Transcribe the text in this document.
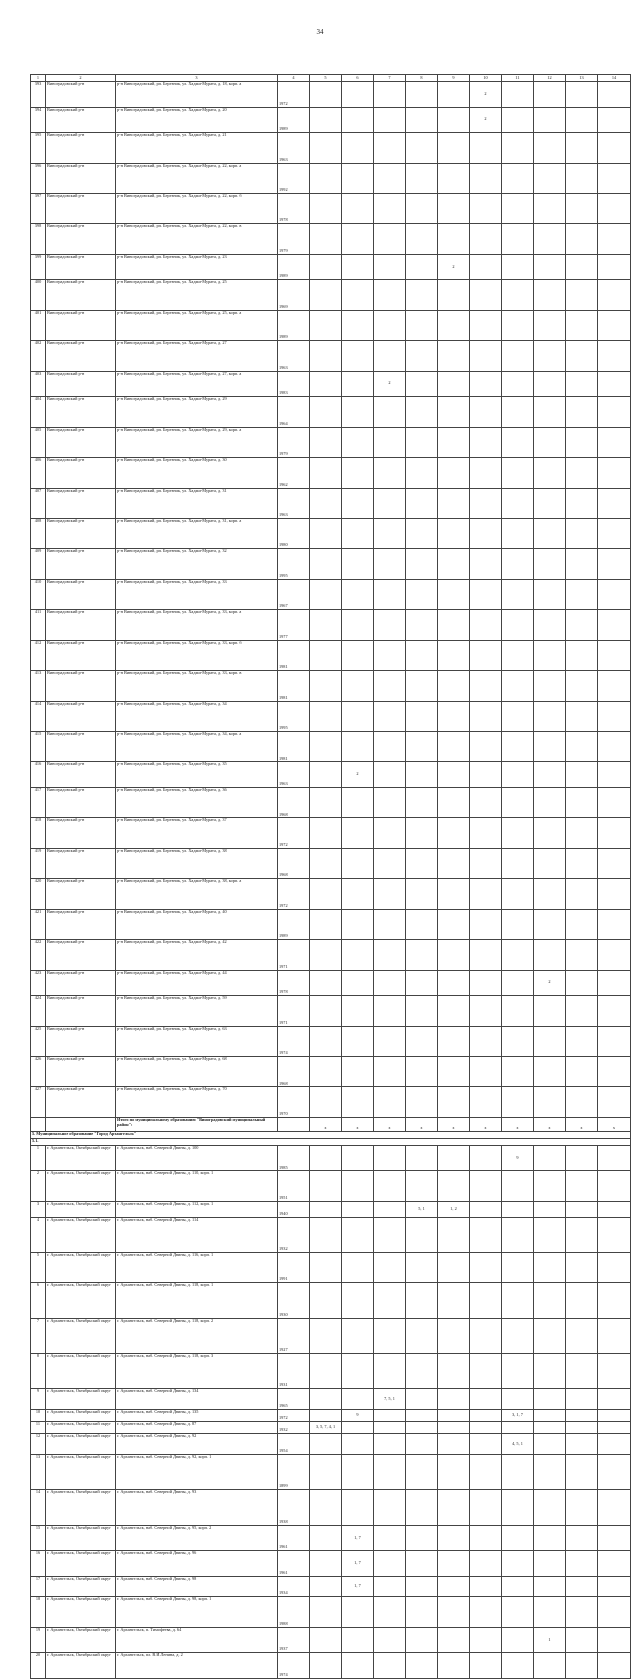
34
1	2	3	4	5	6	7	8	9	10	11	12	13	14	
393	Виноградовский р-н	р-н Виноградовский, рп. Березник, ул. Хаджи-Мурата, д. 18, корп. а	1972						2					
394	Виноградовский р-н	р-н Виноградовский, рп. Березник, ул. Хаджи-Мурата, д. 20	1989						2					
395	Виноградовский р-н	р-н Виноградовский, рп. Березник, ул. Хаджи-Мурата, д. 21	1963											
396	Виноградовский р-н	р-н Виноградовский, рп. Березник, ул. Хаджи-Мурата, д. 22, корп. а	1992											
397	Виноградовский р-н	р-н Виноградовский, рп. Березник, ул. Хаджи-Мурата, д. 22, корп. б	1978											
398	Виноградовский р-н	р-н Виноградовский, рп. Березник, ул. Хаджи-Мурата, д. 22, корп. в	1979											
399	Виноградовский р-н	р-н Виноградовский, рп. Березник, ул. Хаджи-Мурата, д. 23	1989					2						
400	Виноградовский р-н	р-н Виноградовский, рп. Березник, ул. Хаджи-Мурата, д. 25	1969											
401	Виноградовский р-н	р-н Виноградовский, рп. Березник, ул. Хаджи-Мурата, д. 25, корп. а	1989											
402	Виноградовский р-н	р-н Виноградовский, рп. Березник, ул. Хаджи-Мурата, д. 27	1963											
403	Виноградовский р-н	р-н Виноградовский, рп. Березник, ул. Хаджи-Мурата, д. 27, корп. а	1983			2								
404	Виноградовский р-н	р-н Виноградовский, рп. Березник, ул. Хаджи-Мурата, д. 29	1964											
405	Виноградовский р-н	р-н Виноградовский, рп. Березник, ул. Хаджи-Мурата, д. 29, корп. а	1979											
406	Виноградовский р-н	р-н Виноградовский, рп. Березник, ул. Хаджи-Мурата, д. 30	1962											
407	Виноградовский р-н	р-н Виноградовский, рп. Березник, ул. Хаджи-Мурата, д. 31	1963											
408	Виноградовский р-н	р-н Виноградовский, рп. Березник, ул. Хаджи-Мурата, д. 31, корп. а	1980											
409	Виноградовский р-н	р-н Виноградовский, рп. Березник, ул. Хаджи-Мурата, д. 32	1995											
410	Виноградовский р-н	р-н Виноградовский, рп. Березник, ул. Хаджи-Мурата, д. 33	1967											
411	Виноградовский р-н	р-н Виноградовский, рп. Березник, ул. Хаджи-Мурата, д. 33, корп. а	1977											
412	Виноградовский р-н	р-н Виноградовский, рп. Березник, ул. Хаджи-Мурата, д. 33, корп. б	1981											
413	Виноградовский р-н	р-н Виноградовский, рп. Березник, ул. Хаджи-Мурата, д. 33, корп. в	1981											
414	Виноградовский р-н	р-н Виноградовский, рп. Березник, ул. Хаджи-Мурата, д. 34	1995											
415	Виноградовский р-н	р-н Виноградовский, рп. Березник, ул. Хаджи-Мурата, д. 34, корп. а	1981											
416	Виноградовский р-н	р-н Виноградовский, рп. Березник, ул. Хаджи-Мурата, д. 35	1963		2									
417	Виноградовский р-н	р-н Виноградовский, рп. Березник, ул. Хаджи-Мурата, д. 36	1968											
418	Виноградовский р-н	р-н Виноградовский, рп. Березник, ул. Хаджи-Мурата, д. 37	1972											
419	Виноградовский р-н	р-н Виноградовский, рп. Березник, ул. Хаджи-Мурата, д. 38	1968											
420	Виноградовский р-н	р-н Виноградовский, рп. Березник, ул. Хаджи-Мурата, д. 38, корп. а	1972											
421	Виноградовский р-н	р-н Виноградовский, рп. Березник, ул. Хаджи-Мурата, д. 40	1989											
422	Виноградовский р-н	р-н Виноградовский, рп. Березник, ул. Хаджи-Мурата, д. 42	1971											
423	Виноградовский р-н	р-н Виноградовский, рп. Березник, ул. Хаджи-Мурата, д. 44	1978								2			
424	Виноградовский р-н	р-н Виноградовский, рп. Березник, ул. Хаджи-Мурата, д. 59	1971											
425	Виноградовский р-н	р-н Виноградовский, рп. Березник, ул. Хаджи-Мурата, д. 63	1974											
426	Виноградовский р-н	р-н Виноградовский, рп. Березник, ул. Хаджи-Мурата, д. 68	1968											
427	Виноградовский р-н	р-н Виноградовский, рп. Березник, ул. Хаджи-Мурата, д. 70	1970											
		Итого по муниципальному образованию "Виноградовский муниципальный район":		x	x	x	x	x	x	x	x	x	x	
5. Муниципальное образование "Город Архангельск"														
5.1.														
1	г. Архангельск, Октябрьский округ	г. Архангельск, наб. Северной Двины, д. 100	1985							9				
2	г. Архангельск, Октябрьский округ	г. Архангельск, наб. Северной Двины, д. 110, корп. 1	1951											
3	г. Архангельск, Октябрьский округ	г. Архангельск, наб. Северной Двины, д. 112, корп. 1	1940				5, 1	1, 2						
4	г. Архангельск, Октябрьский округ	г. Архангельск, наб. Северной Двины, д. 114	1932											
5	г. Архангельск, Октябрьский округ	г. Архангельск, наб. Северной Двины, д. 116, корп. 1	1991											
6	г. Архангельск, Октябрьский округ	г. Архангельск, наб. Северной Двины, д. 118, корп. 1	1930											
7	г. Архангельск, Октябрьский округ	г. Архангельск, наб. Северной Двины, д. 118, корп. 2	1927											
8	г. Архангельск, Октябрьский округ	г. Архангельск, наб. Северной Двины, д. 118, корп. 3	1931											
9	г. Архангельск, Октябрьский округ	г. Архангельск, наб. Северной Двины, д. 134	1965			7, 5, 1								
10	г. Архангельск, Октябрьский округ	г. Архангельск, наб. Северной Двины, д. 135	1972		9					3, 1, 7				
11	г. Архангельск, Октябрьский округ	г. Архангельск, наб. Северной Двины, д. 87	1932	3, 5, 7, 4, 1										
12	г. Архангельск, Октябрьский округ	г. Архангельск, наб. Северной Двины, д. 92	1954							4, 5, 1				
13	г. Архангельск, Октябрьский округ	г. Архангельск, наб. Северной Двины, д. 92, корп. 1	1899											
14	г. Архангельск, Октябрьский округ	г. Архангельск, наб. Северной Двины, д. 93	1938											
15	г. Архангельск, Октябрьский округ	г. Архангельск, наб. Северной Двины, д. 95, корп. 2	1961		1, 7									
16	г. Архангельск, Октябрьский округ	г. Архангельск, наб. Северной Двины, д. 96	1961		1, 7									
17	г. Архангельск, Октябрьский округ	г. Архангельск, наб. Северной Двины, д. 98	1934		1, 7									
18	г. Архангельск, Октябрьский округ	г. Архангельск, наб. Северной Двины, д. 98, корп. 1	1988											
19	г. Архангельск, Октябрьский округ	г. Архангельск, п. Тимофеева, д. 64	1937								1			
20	г. Архангельск, Октябрьский округ	г. Архангельск, пл. В.И.Ленина, д. 2	1974											
